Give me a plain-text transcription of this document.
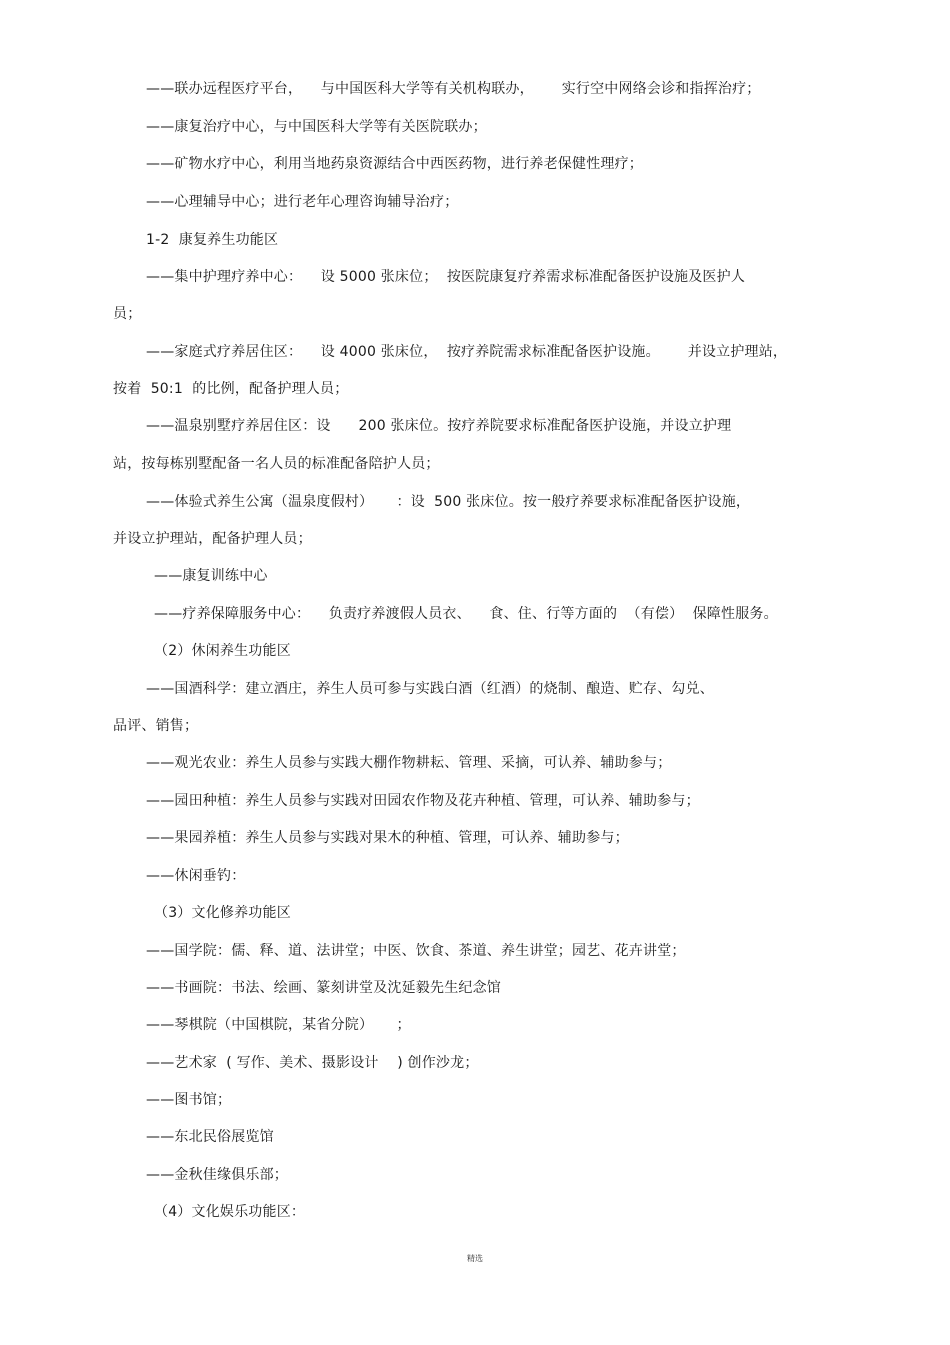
——联办远程医疗平台，    与中国医科大学等有关机构联办，      实行空中网络会诊和指挥治疗；
——康复治疗中心，与中国医科大学等有关医院联办；
——矿物水疗中心，利用当地药泉资源结合中西医药物，进行养老保健性理疗；
——心理辅导中心；进行老年心理咨询辅导治疗；
1-2  康复养生功能区
——集中护理疗养中心：    设 5000 张床位；  按医院康复疗养需求标准配备医护设施及医护人
员；
——家庭式疗养居住区：    设 4000 张床位，  按疗养院需求标准配备医护设施。      并设立护理站，
按着  50:1  的比例，配备护理人员；
——温泉别墅疗养居住区：设      200 张床位。按疗养院要求标准配备医护设施，并设立护理
站，按每栋别墅配备一名人员的标准配备陪护人员；
——体验式养生公寓（温泉度假村）     ：设  500 张床位。按一般疗养要求标准配备医护设施，
并设立护理站，配备护理人员；
——康复训练中心
——疗养保障服务中心：    负责疗养渡假人员衣、    食、住、行等方面的  （有偿）  保障性服务。
（2）休闲养生功能区
——国酒科学：建立酒庄，养生人员可参与实践白酒（红酒）的烧制、酿造、贮存、勾兑、
品评、销售；
——观光农业：养生人员参与实践大棚作物耕耘、管理、采摘，可认养、辅助参与；
——园田种植：养生人员参与实践对田园农作物及花卉种植、管理，可认养、辅助参与；
——果园养植：养生人员参与实践对果木的种植、管理，可认养、辅助参与；
——休闲垂钓：
（3）文化修养功能区
——国学院：儒、释、道、法讲堂；中医、饮食、茶道、养生讲堂；园艺、花卉讲堂；
——书画院：书法、绘画、篆刻讲堂及沈延毅先生纪念馆
——琴棋院（中国棋院，某省分院）     ；
——艺术家  ( 写作、美术、摄影设计    ) 创作沙龙；
——图书馆；
——东北民俗展览馆
——金秋佳缘俱乐部；
（4）文化娱乐功能区：
精选
